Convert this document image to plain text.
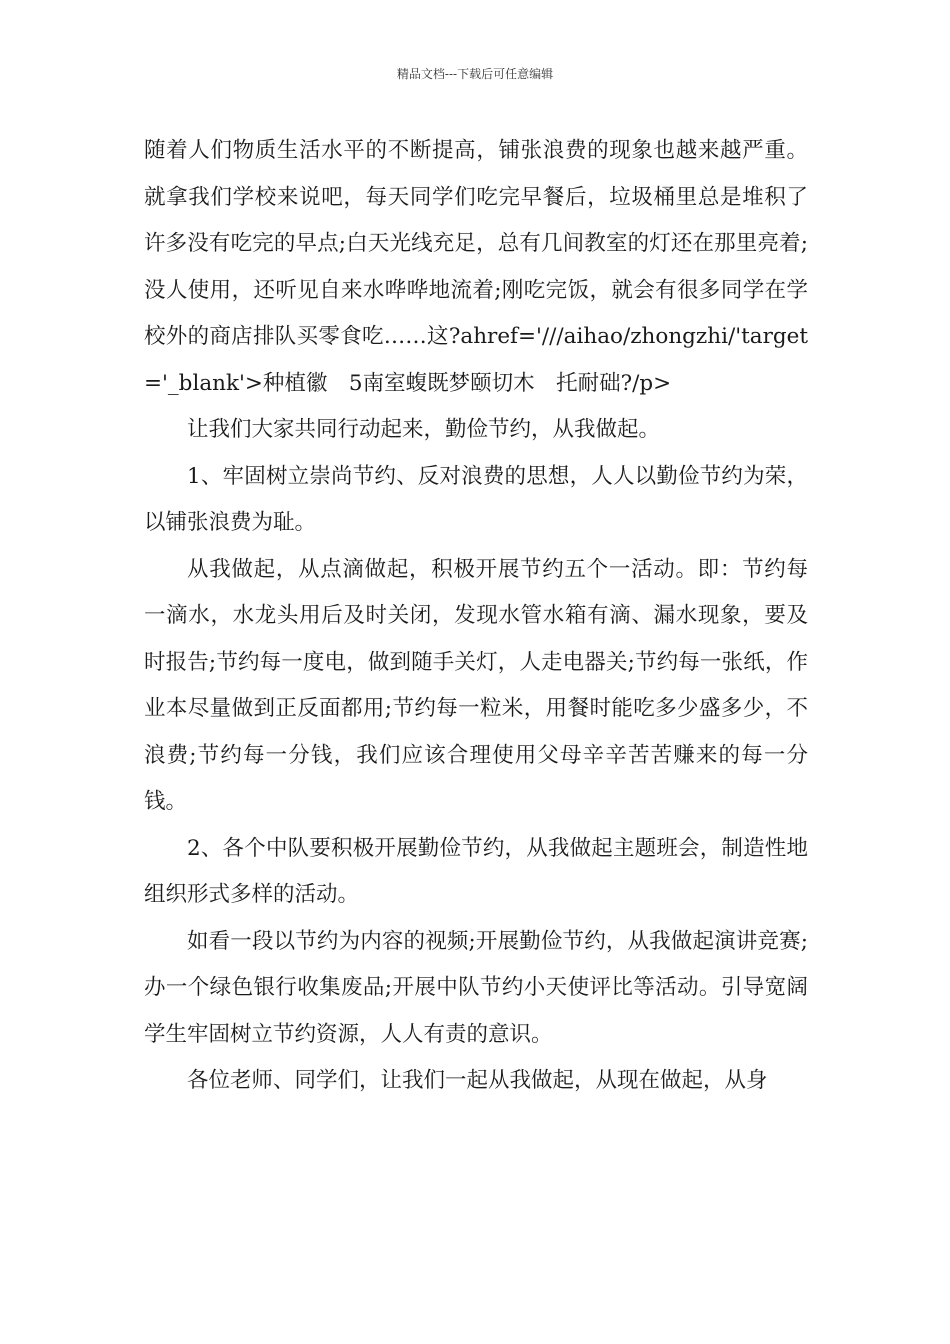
精品文档---下载后可任意编辑

随着人们物质生活水平的不断提高，铺张浪费的现象也越来越严重。就拿我们学校来说吧，每天同学们吃完早餐后，垃圾桶里总是堆积了许多没有吃完的早点;白天光线充足，总有几间教室的灯还在那里亮着;没人使用，还听见自来水哗哗地流着;刚吃完饭，就会有很多同学在学校外的商店排队买零食吃……这?ahref='///aihao/zhongzhi/'target='_blank'>种植徽　5南室蝮既梦颐切木　托耐础?/p>

让我们大家共同行动起来，勤俭节约，从我做起。

1、牢固树立崇尚节约、反对浪费的思想，人人以勤俭节约为荣，以铺张浪费为耻。

从我做起，从点滴做起，积极开展节约五个一活动。即：节约每一滴水，水龙头用后及时关闭，发现水管水箱有滴、漏水现象，要及时报告;节约每一度电，做到随手关灯，人走电器关;节约每一张纸，作业本尽量做到正反面都用;节约每一粒米，用餐时能吃多少盛多少，不浪费;节约每一分钱，我们应该合理使用父母辛辛苦苦赚来的每一分钱。

2、各个中队要积极开展勤俭节约，从我做起主题班会，制造性地组织形式多样的活动。

如看一段以节约为内容的视频;开展勤俭节约，从我做起演讲竞赛;办一个绿色银行收集废品;开展中队节约小天使评比等活动。引导宽阔学生牢固树立节约资源，人人有责的意识。

各位老师、同学们，让我们一起从我做起，从现在做起，从身
